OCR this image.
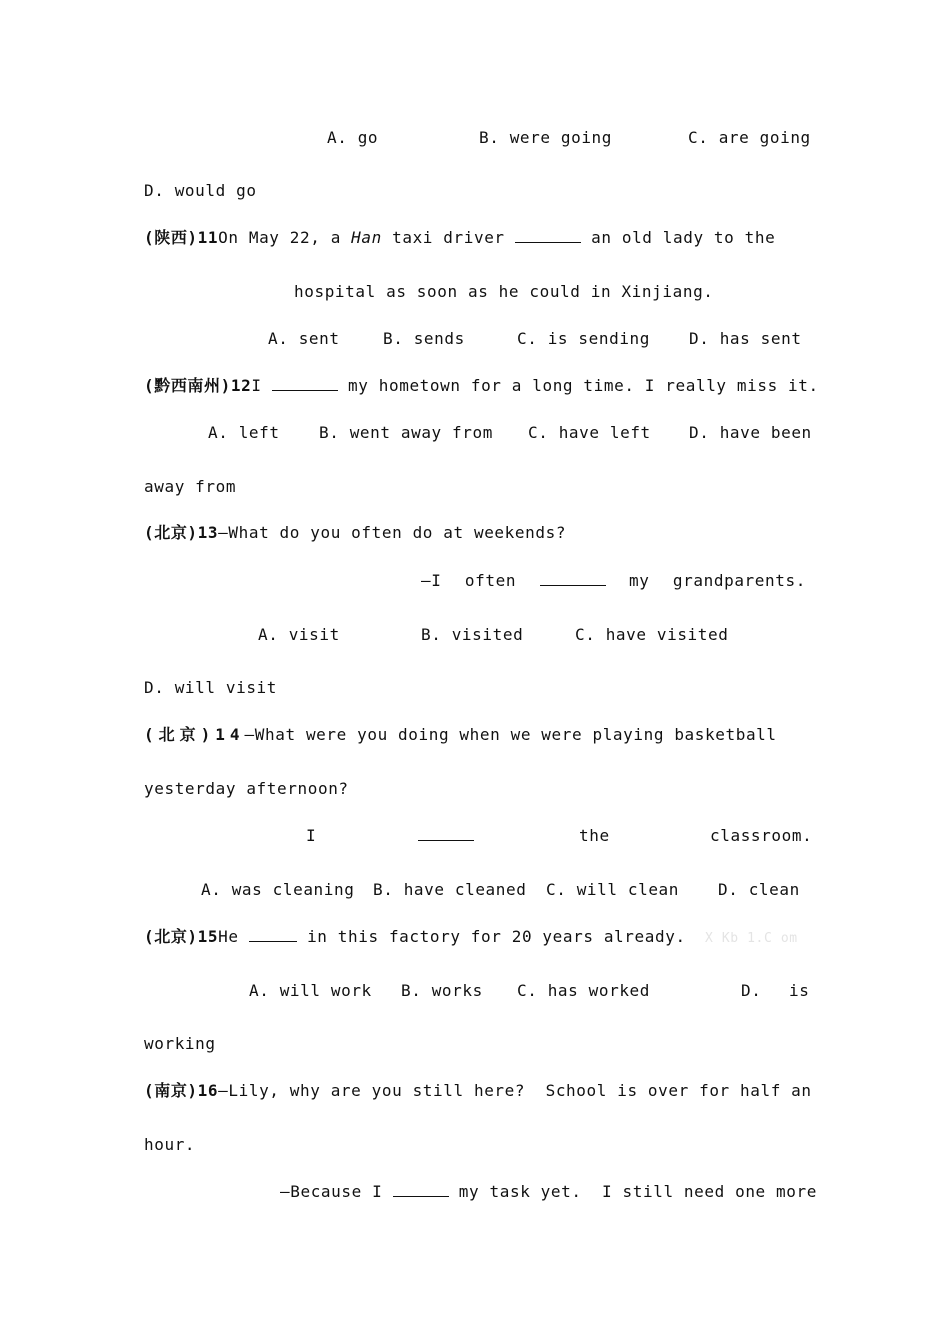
A. go	B. were going	C. are going
D. would go
(陕西)11On May 22, a Han taxi driver	an old lady to the
hospital as soon as he could in Xinjiang.
A. sent	B. sends	C. is sending D. has sent
(黔西南州)12I	my hometown for a long time. I really miss it.
A. left B. went away from C. have left D. have been
away from
(北京)13—What do you often do at weekends?
—I often	my grandparents.
A. visit	B. visited	C. have visited
D. will visit
(北京)14 —What were you doing when we were playing basketball
yesterday afternoon?
I	the	classroom.
A. was cleaning B. have cleaned C. will clean D. clean
(北京)15He	in this factory for 20 years already. X Kb 1.C om
A. will work B. works C. has worked	D. is
working
(南京)16—Lily, why are you still here?  School is over for half an
hour.
—Because I	my task yet.  I still need one more
